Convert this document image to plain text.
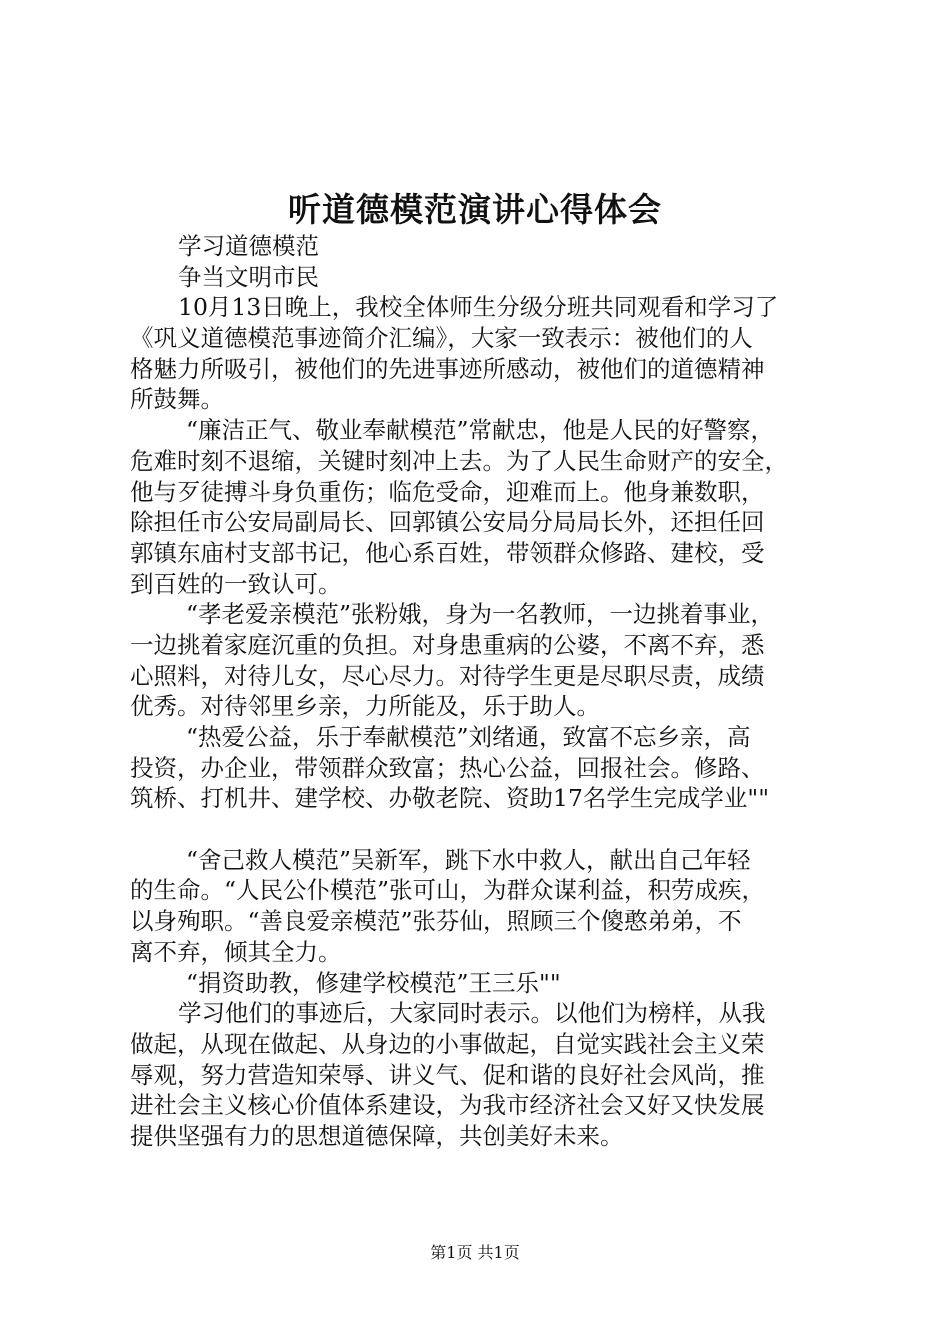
听道德模范演讲心得体会
学习道德模范
争当文明市民
10月13日晚上，我校全体师生分级分班共同观看和学习了
《巩义道德模范事迹简介汇编》，大家一致表示：被他们的人
格魅力所吸引，被他们的先进事迹所感动，被他们的道德精神
所鼓舞。
“廉洁正气、敬业奉献模范”常献忠，他是人民的好警察，
危难时刻不退缩，关键时刻冲上去。为了人民生命财产的安全，
他与歹徒搏斗身负重伤；临危受命，迎难而上。他身兼数职，
除担任市公安局副局长、回郭镇公安局分局局长外，还担任回
郭镇东庙村支部书记，他心系百姓，带领群众修路、建校，受
到百姓的一致认可。
“孝老爱亲模范”张粉娥，身为一名教师，一边挑着事业，
一边挑着家庭沉重的负担。对身患重病的公婆，不离不弃，悉
心照料，对待儿女，尽心尽力。对待学生更是尽职尽责，成绩
优秀。对待邻里乡亲，力所能及，乐于助人。
“热爱公益，乐于奉献模范”刘绪通，致富不忘乡亲，高
投资，办企业，带领群众致富；热心公益，回报社会。修路、
筑桥、打机井、建学校、办敬老院、资助17名学生完成学业""
“舍己救人模范”吴新军，跳下水中救人，献出自己年轻
的生命。“人民公仆模范”张可山，为群众谋利益，积劳成疾，
以身殉职。“善良爱亲模范”张芬仙，照顾三个傻憨弟弟，不
离不弃，倾其全力。
“捐资助教，修建学校模范”王三乐""
学习他们的事迹后，大家同时表示。以他们为榜样，从我
做起，从现在做起、从身边的小事做起，自觉实践社会主义荣
辱观，努力营造知荣辱、讲义气、促和谐的良好社会风尚，推
进社会主义核心价值体系建设，为我市经济社会又好又快发展
提供坚强有力的思想道德保障，共创美好未来。
第1页 共1页
